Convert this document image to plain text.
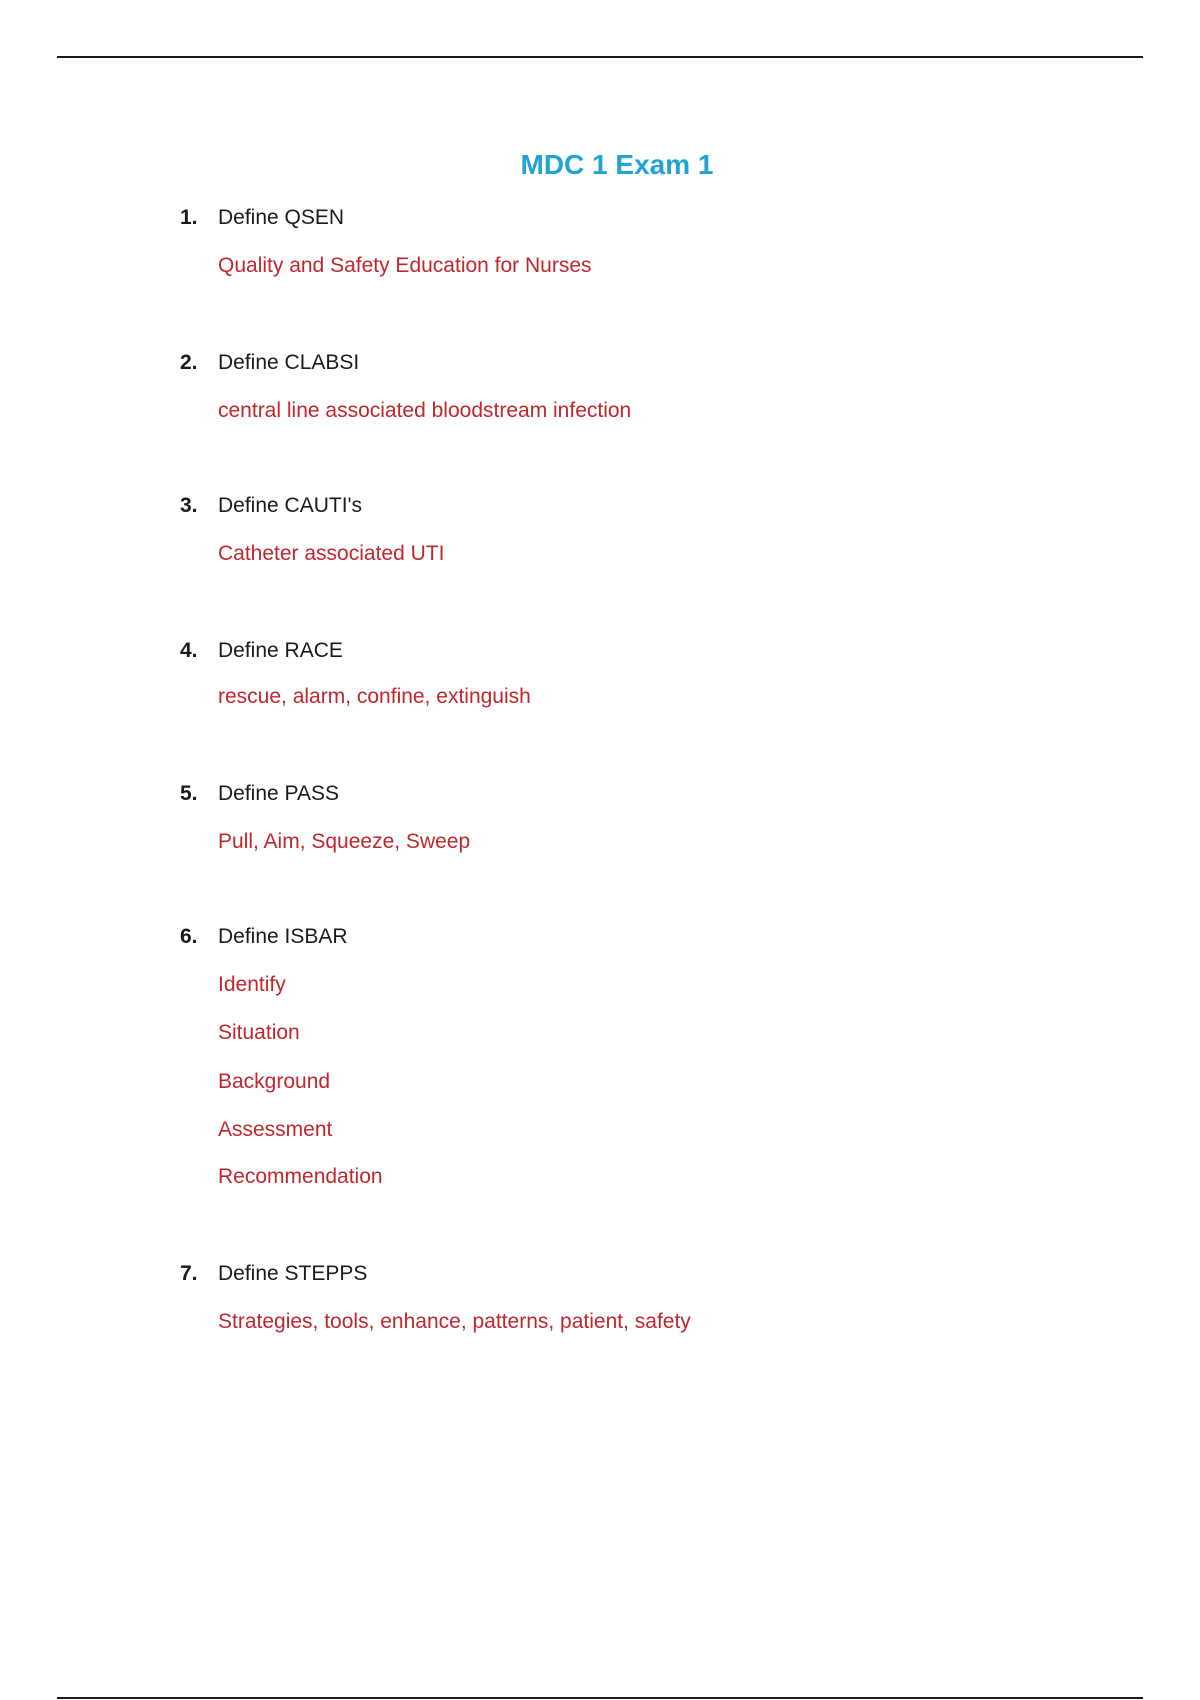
MDC 1 Exam 1
1. Define QSEN
Quality and Safety Education for Nurses
2. Define CLABSI
central line associated bloodstream infection
3. Define CAUTI's
Catheter associated UTI
4. Define RACE
rescue, alarm, confine, extinguish
5. Define PASS
Pull, Aim, Squeeze, Sweep
6. Define ISBAR
Identify
Situation
Background
Assessment
Recommendation
7. Define STEPPS
Strategies, tools, enhance, patterns, patient, safety
